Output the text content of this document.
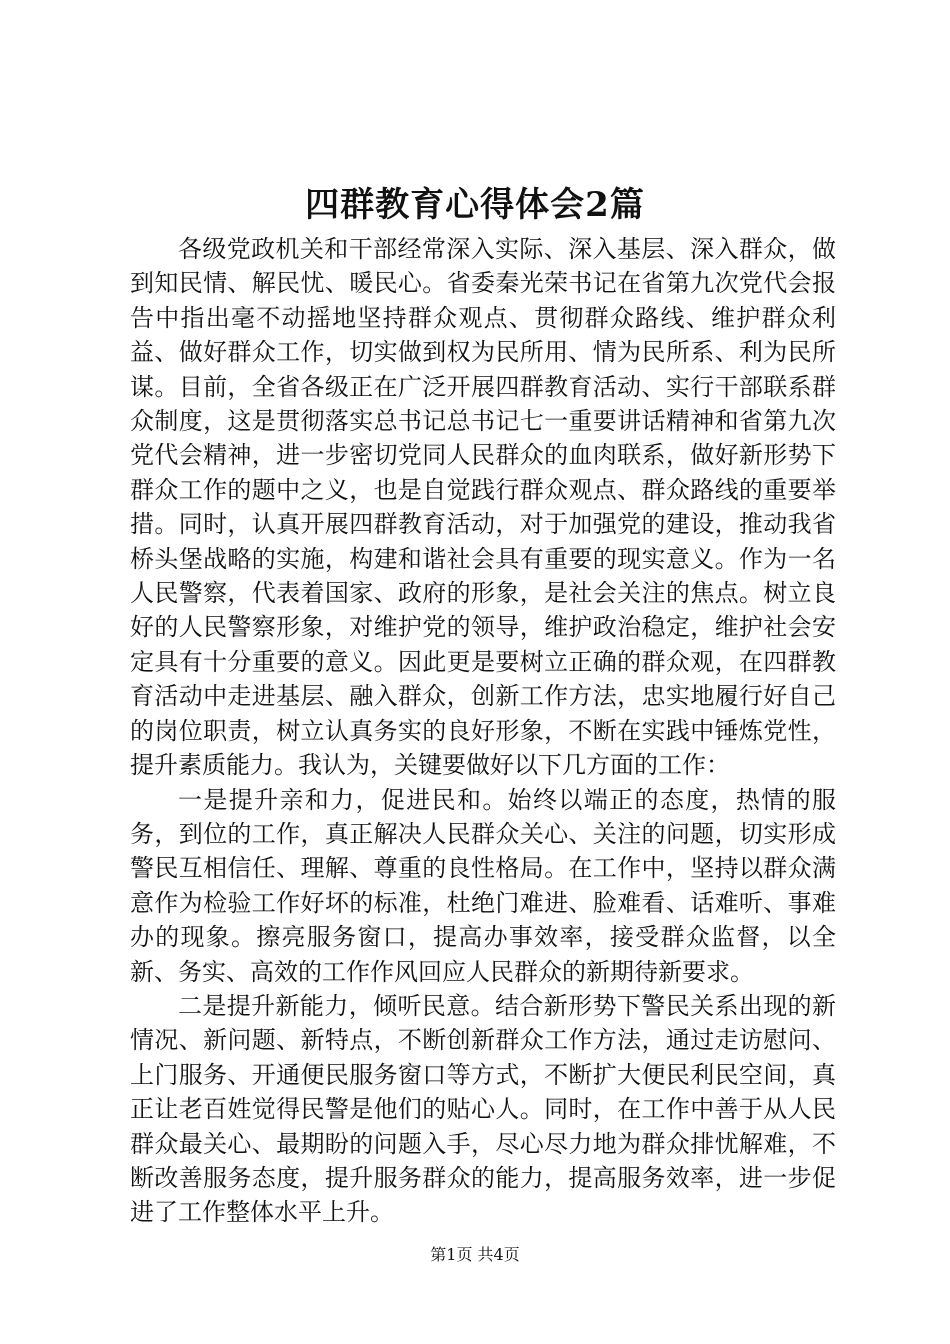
四群教育心得体会2篇

各级党政机关和干部经常深入实际、深入基层、深入群众，做到知民情、解民忧、暖民心。省委秦光荣书记在省第九次党代会报告中指出毫不动摇地坚持群众观点、贯彻群众路线、维护群众利益、做好群众工作，切实做到权为民所用、情为民所系、利为民所谋。目前，全省各级正在广泛开展四群教育活动、实行干部联系群众制度，这是贯彻落实总书记总书记七一重要讲话精神和省第九次党代会精神，进一步密切党同人民群众的血肉联系，做好新形势下群众工作的题中之义，也是自觉践行群众观点、群众路线的重要举措。同时，认真开展四群教育活动，对于加强党的建设，推动我省桥头堡战略的实施，构建和谐社会具有重要的现实意义。作为一名人民警察，代表着国家、政府的形象，是社会关注的焦点。树立良好的人民警察形象，对维护党的领导，维护政治稳定，维护社会安定具有十分重要的意义。因此更是要树立正确的群众观，在四群教育活动中走进基层、融入群众，创新工作方法，忠实地履行好自己的岗位职责，树立认真务实的良好形象，不断在实践中锤炼党性，提升素质能力。我认为，关键要做好以下几方面的工作：

一是提升亲和力，促进民和。始终以端正的态度，热情的服务，到位的工作，真正解决人民群众关心、关注的问题，切实形成警民互相信任、理解、尊重的良性格局。在工作中，坚持以群众满意作为检验工作好坏的标准，杜绝门难进、脸难看、话难听、事难办的现象。擦亮服务窗口，提高办事效率，接受群众监督，以全新、务实、高效的工作作风回应人民群众的新期待新要求。

二是提升新能力，倾听民意。结合新形势下警民关系出现的新情况、新问题、新特点，不断创新群众工作方法，通过走访慰问、上门服务、开通便民服务窗口等方式，不断扩大便民利民空间，真正让老百姓觉得民警是他们的贴心人。同时，在工作中善于从人民群众最关心、最期盼的问题入手，尽心尽力地为群众排忧解难，不断改善服务态度，提升服务群众的能力，提高服务效率，进一步促进了工作整体水平上升。

第1页 共4页
